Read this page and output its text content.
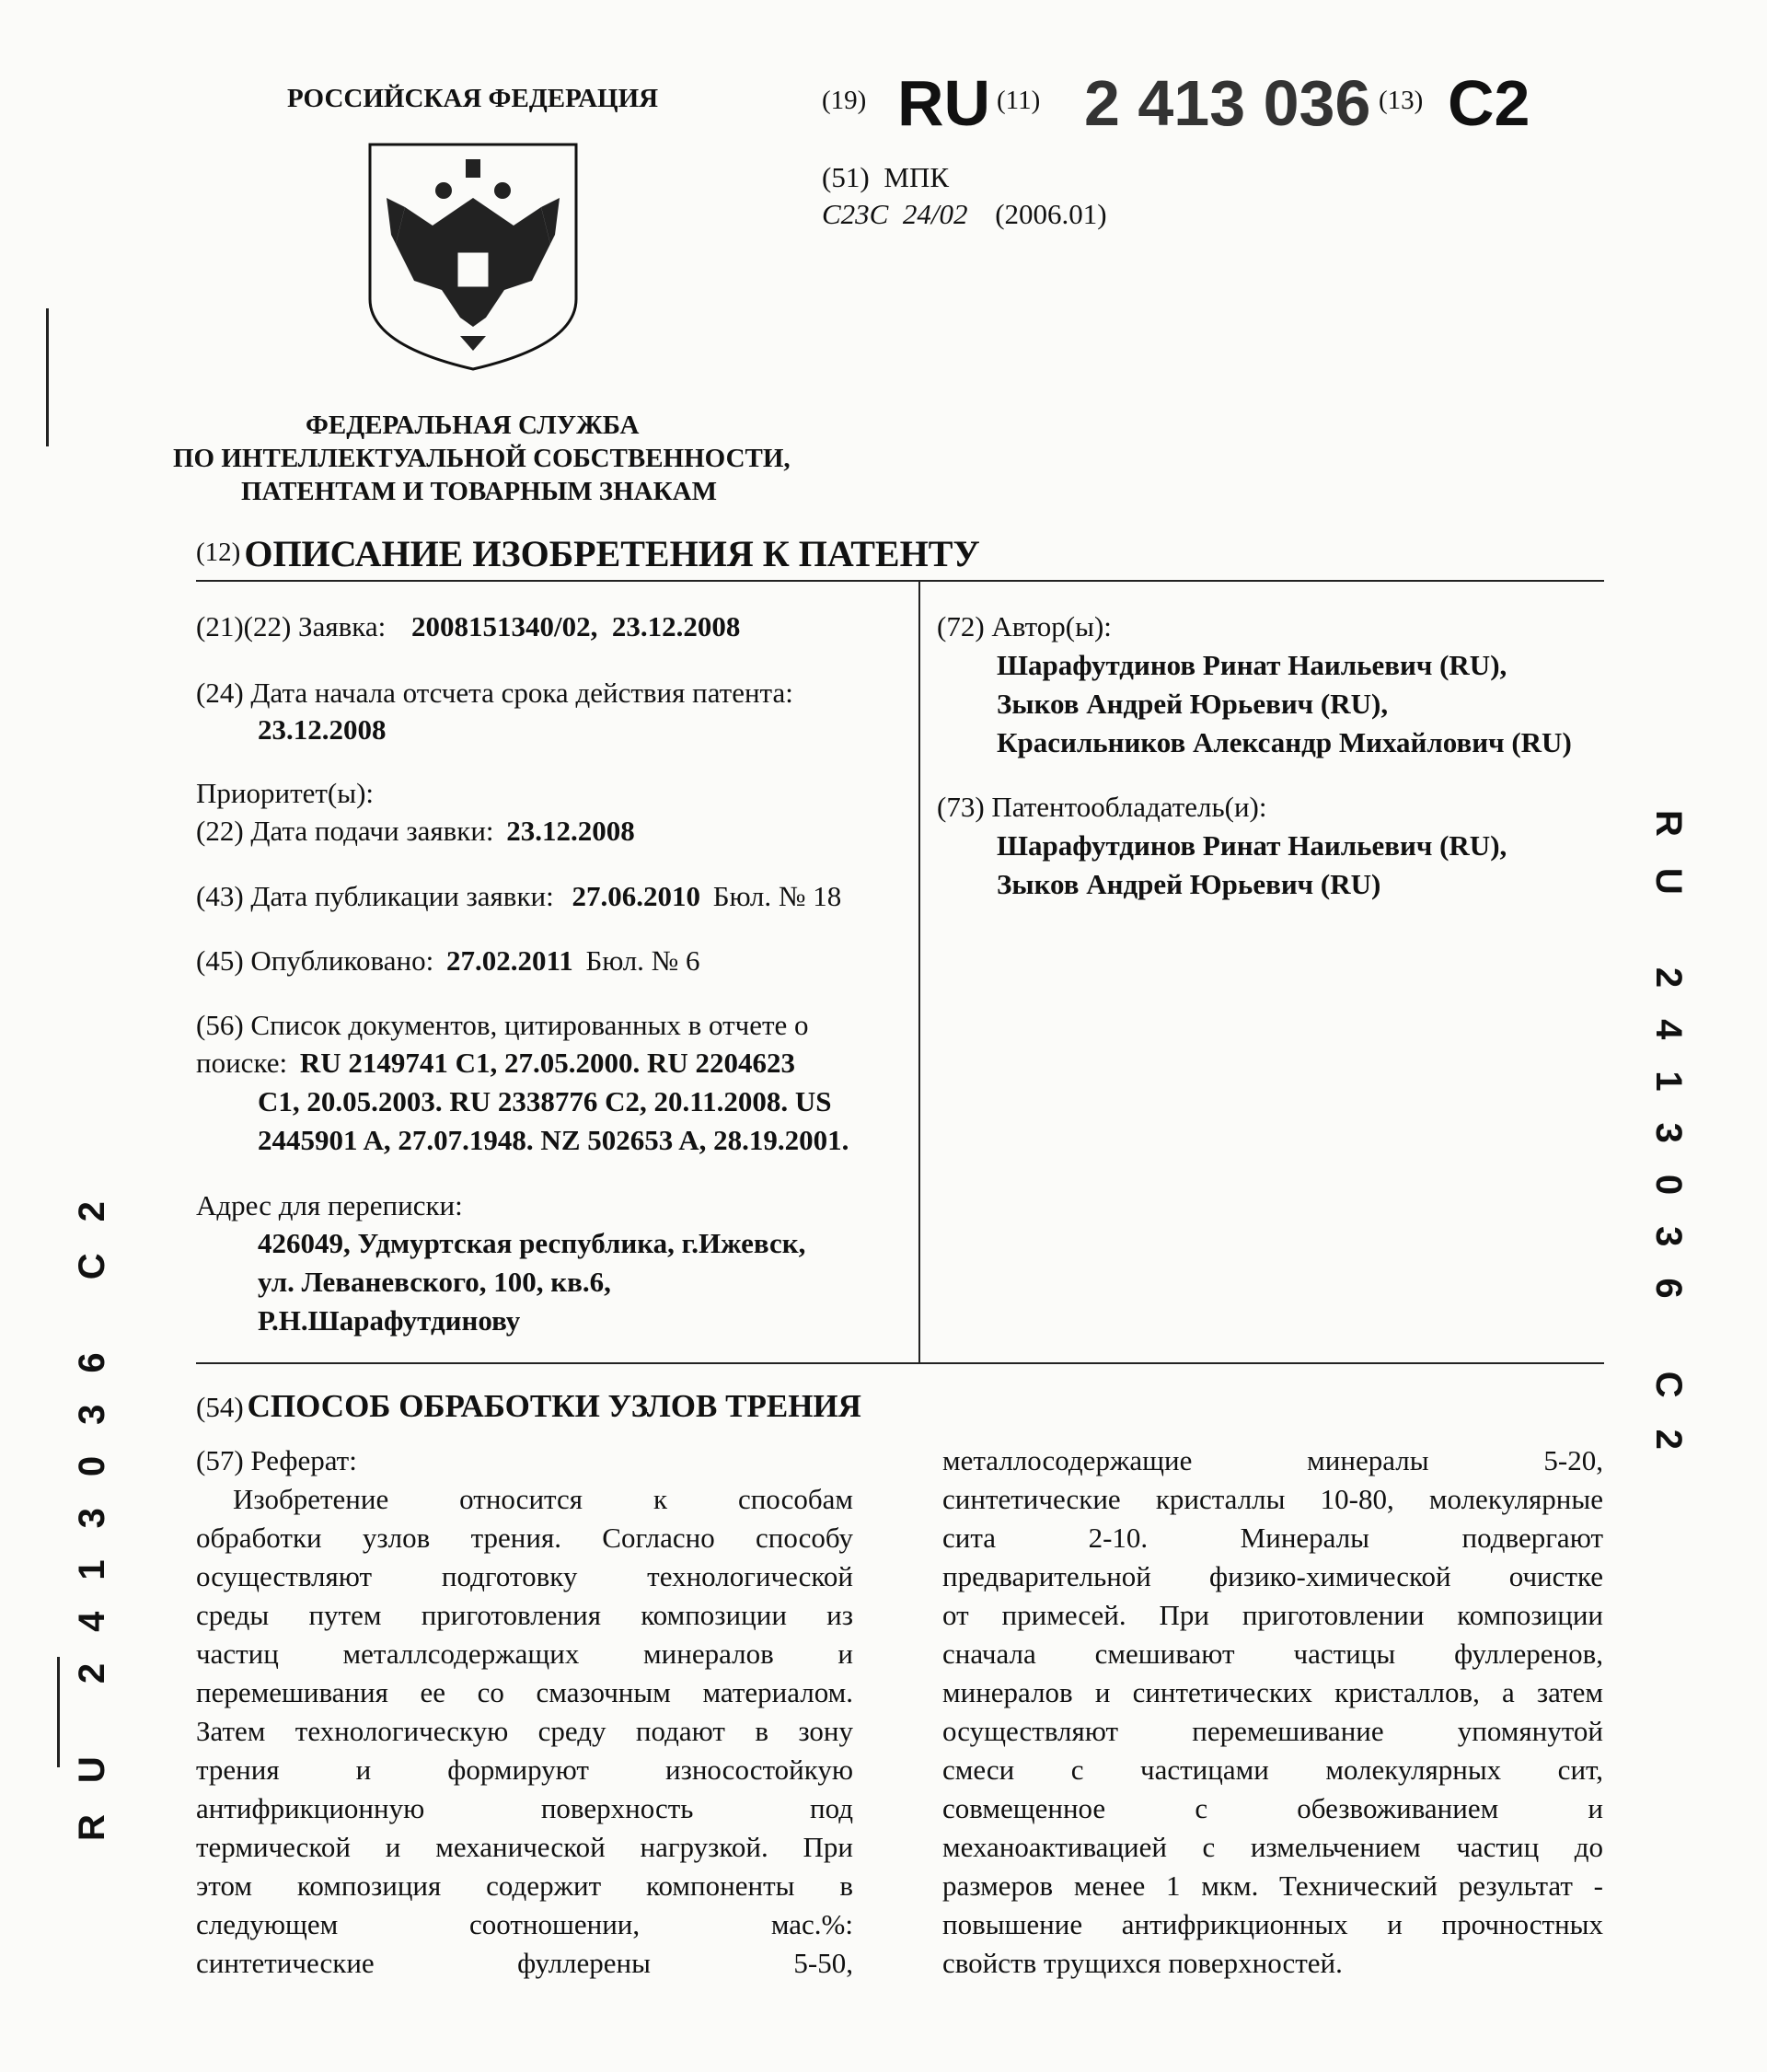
РОССИЙСКАЯ ФЕДЕРАЦИЯ	(19) RU (11) 2 413 036 (13) C2
(51) МПК
C23C  24/02 (2006.01)
ФЕДЕРАЛЬНАЯ СЛУЖБА
ПО ИНТЕЛЛЕКТУАЛЬНОЙ СОБСТВЕННОСТИ,
ПАТЕНТАМ И ТОВАРНЫМ ЗНАКАМ
(12) ОПИСАНИЕ ИЗОБРЕТЕНИЯ К ПАТЕНТУ
(21)(22) Заявка: 2008151340/02,  23.12.2008
(24) Дата начала отсчета срока действия патента:
23.12.2008
Приоритет(ы):
(22) Дата подачи заявки: 23.12.2008
(43) Дата публикации заявки: 27.06.2010 Бюл. № 18
(45) Опубликовано: 27.02.2011 Бюл. № 6
(56) Список документов, цитированных в отчете о
поиске: RU 2149741 C1, 27.05.2000. RU 2204623
C1, 20.05.2003. RU 2338776 C2, 20.11.2008. US
2445901 A, 27.07.1948. NZ 502653 A, 28.19.2001.
Адрес для переписки:
426049, Удмуртская республика, г.Ижевск,
ул. Леваневского, 100, кв.6,
Р.Н.Шарафутдинову
(72) Автор(ы):
Шарафутдинов Ринат Наильевич (RU),
Зыков Андрей Юрьевич (RU),
Красильников Александр Михайлович (RU)
(73) Патентообладатель(и):
Шарафутдинов Ринат Наильевич (RU),
Зыков Андрей Юрьевич (RU)
(54) СПОСОБ ОБРАБОТКИ УЗЛОВ ТРЕНИЯ
(57) Реферат:
Изобретение относится к способам
обработки узлов трения. Согласно способу
осуществляют подготовку технологической
среды путем приготовления композиции из
частиц металлсодержащих минералов и
перемешивания ее со смазочным материалом.
Затем технологическую среду подают в зону
трения и формируют износостойкую
антифрикционную поверхность под
термической и механической нагрузкой. При
этом композиция содержит компоненты в
следующем соотношении, мас.%:
синтетические фуллерены 5-50,
металлосодержащие минералы 5-20,
синтетические кристаллы 10-80, молекулярные
сита 2-10. Минералы подвергают
предварительной физико-химической очистке
от примесей. При приготовлении композиции
сначала смешивают частицы фуллеренов,
минералов и синтетических кристаллов, а затем
осуществляют перемешивание упомянутой
смеси с частицами молекулярных сит,
совмещенное с обезвоживанием и
механоактивацией с измельчением частиц до
размеров менее 1 мкм. Технический результат -
повышение антифрикционных и прочностных
свойств трущихся поверхностей.
RU 2413036 C2
RU 2413036 C2
